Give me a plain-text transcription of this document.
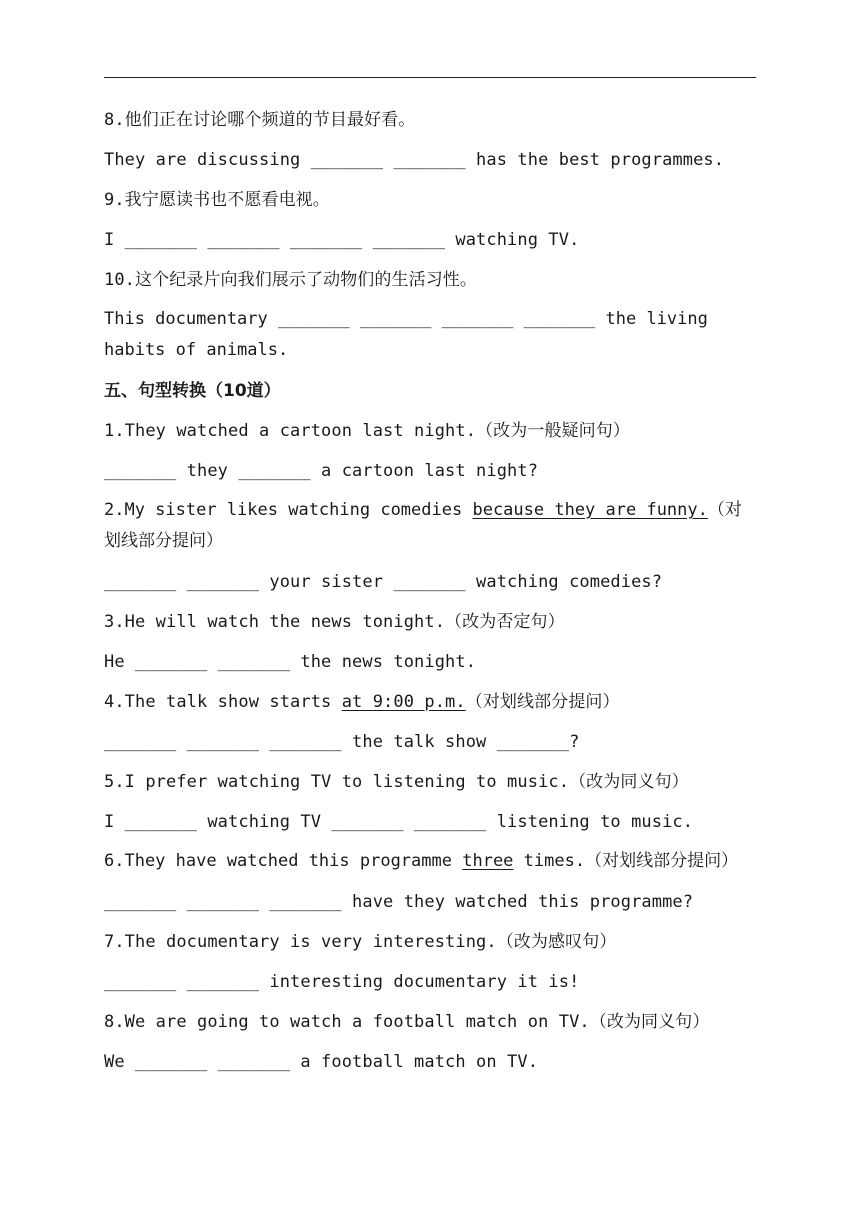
8.他们正在讨论哪个频道的节目最好看。
They are discussing _______ _______ has the best programmes.
9.我宁愿读书也不愿看电视。
I _______ _______ _______ _______ watching TV.
10.这个纪录片向我们展示了动物们的生活习性。
This documentary _______ _______ _______ _______ the living habits of animals.
五、句型转换（10道）
1.They watched a cartoon last night.（改为一般疑问句）
_______ they _______ a cartoon last night?
2.My sister likes watching comedies because they are funny.（对划线部分提问）
_______ _______ your sister _______ watching comedies?
3.He will watch the news tonight.（改为否定句）
He _______ _______ the news tonight.
4.The talk show starts at 9:00 p.m.（对划线部分提问）
_______ _______ _______ the talk show _______?
5.I prefer watching TV to listening to music.（改为同义句）
I _______ watching TV _______ _______ listening to music.
6.They have watched this programme three times.（对划线部分提问）
_______ _______ _______ have they watched this programme?
7.The documentary is very interesting.（改为感叹句）
_______ _______ interesting documentary it is!
8.We are going to watch a football match on TV.（改为同义句）
We _______ _______ a football match on TV.
